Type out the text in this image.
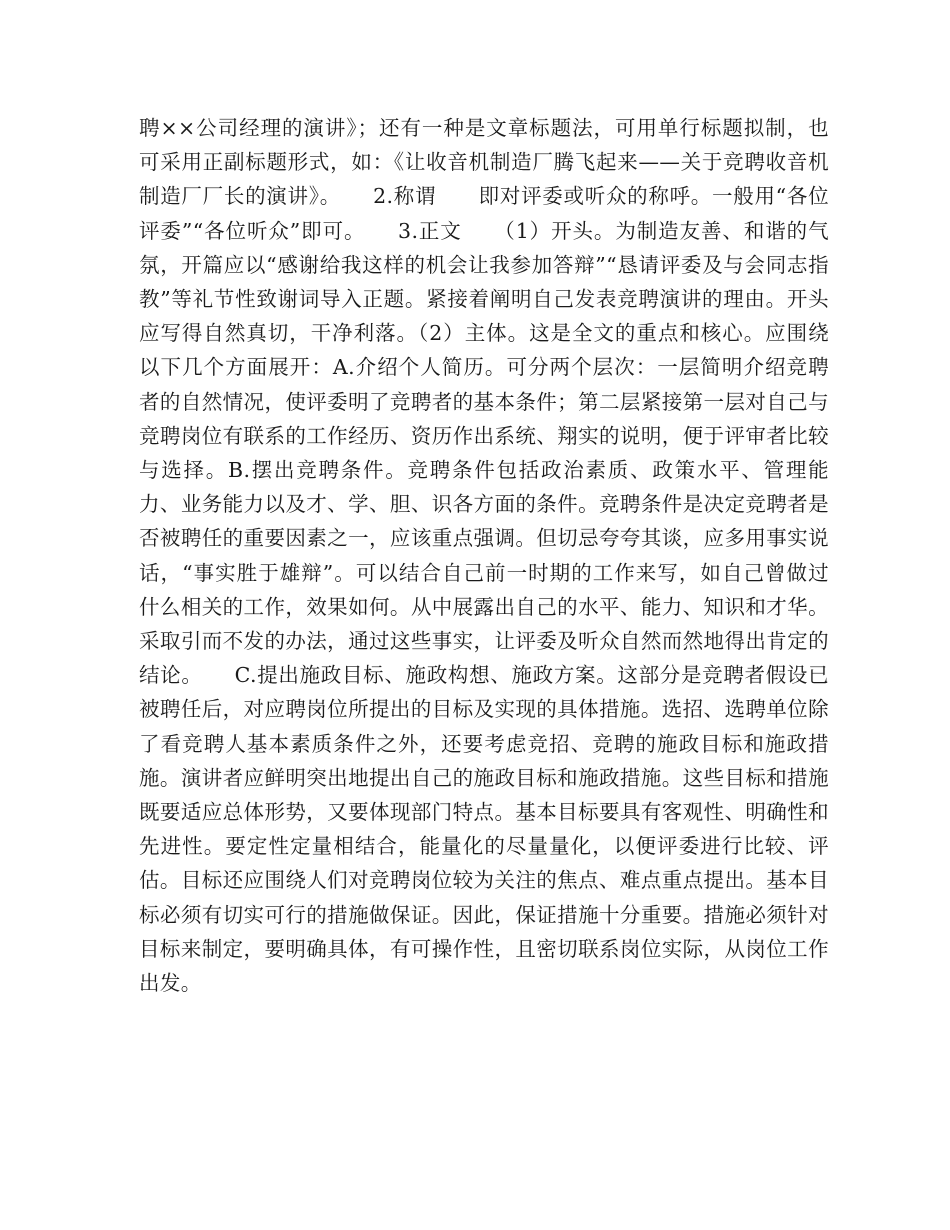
聘××公司经理的演讲》；还有一种是文章标题法，可用单行标题拟制，也可采用正副标题形式，如：《让收音机制造厂腾飞起来——关于竞聘收音机制造厂厂长的演讲》。　　2.称谓　　即对评委或听众的称呼。一般用“各位评委”“各位听众”即可。　　3.正文　　（1）开头。为制造友善、和谐的气氛，开篇应以“感谢给我这样的机会让我参加答辩”“恳请评委及与会同志指教”等礼节性致谢词导入正题。紧接着阐明自己发表竞聘演讲的理由。开头应写得自然真切，干净利落。（2）主体。这是全文的重点和核心。应围绕以下几个方面展开：A.介绍个人简历。可分两个层次：一层简明介绍竞聘者的自然情况，使评委明了竞聘者的基本条件；第二层紧接第一层对自己与竞聘岗位有联系的工作经历、资历作出系统、翔实的说明，便于评审者比较与选择。B.摆出竞聘条件。竞聘条件包括政治素质、政策水平、管理能力、业务能力以及才、学、胆、识各方面的条件。竞聘条件是决定竞聘者是否被聘任的重要因素之一，应该重点强调。但切忌夸夸其谈，应多用事实说话，“事实胜于雄辩”。可以结合自己前一时期的工作来写，如自己曾做过什么相关的工作，效果如何。从中展露出自己的水平、能力、知识和才华。采取引而不发的办法，通过这些事实，让评委及听众自然而然地得出肯定的结论。　　C.提出施政目标、施政构想、施政方案。这部分是竞聘者假设已被聘任后，对应聘岗位所提出的目标及实现的具体措施。选招、选聘单位除了看竞聘人基本素质条件之外，还要考虑竞招、竞聘的施政目标和施政措施。演讲者应鲜明突出地提出自己的施政目标和施政措施。这些目标和措施既要适应总体形势，又要体现部门特点。基本目标要具有客观性、明确性和先进性。要定性定量相结合，能量化的尽量量化，以便评委进行比较、评估。目标还应围绕人们对竞聘岗位较为关注的焦点、难点重点提出。基本目标必须有切实可行的措施做保证。因此，保证措施十分重要。措施必须针对目标来制定，要明确具体，有可操作性，且密切联系岗位实际，从岗位工作出发。
